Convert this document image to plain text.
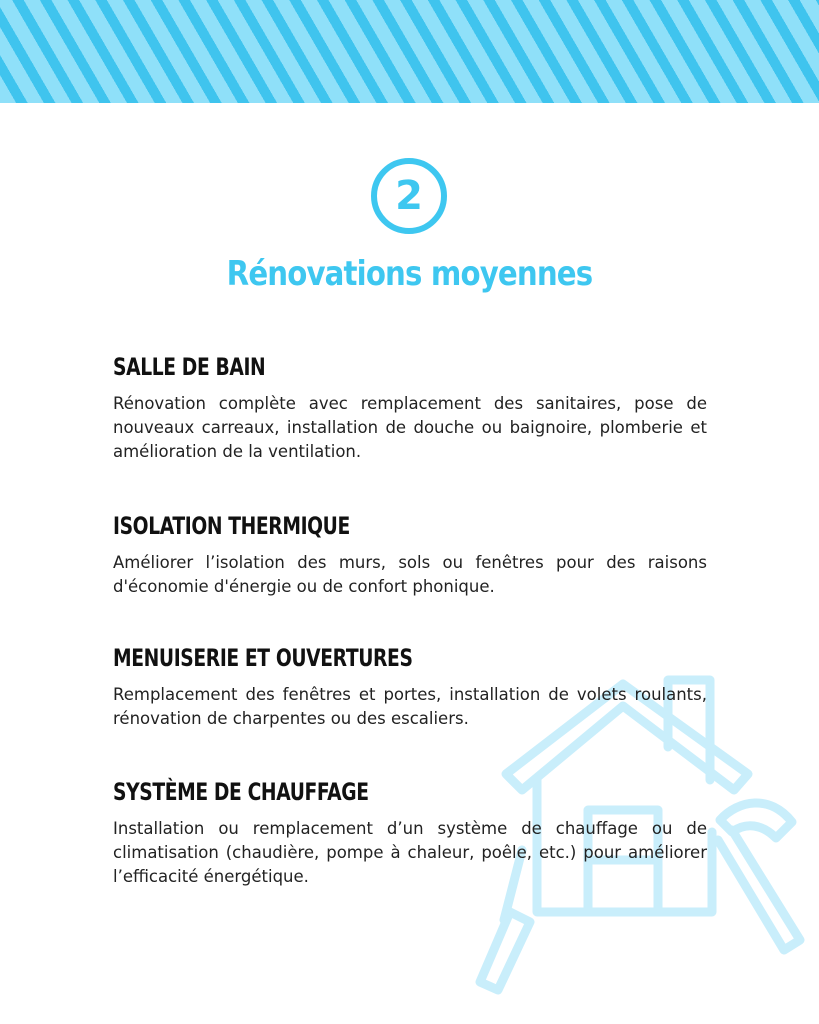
2
Rénovations moyennes
SALLE DE BAIN

Rénovation complète avec remplacement des sanitaires, pose de nouveaux carreaux, installation de douche ou baignoire, plomberie et amélioration de la ventilation.

ISOLATION THERMIQUE

Améliorer l’isolation des murs, sols ou fenêtres pour des raisons d'économie d'énergie ou de confort phonique.

MENUISERIE ET OUVERTURES

Remplacement des fenêtres et portes, installation de volets roulants, rénovation de charpentes ou des escaliers.

SYSTÈME DE CHAUFFAGE

Installation ou remplacement d’un système de chauffage ou de climatisation (chaudière, pompe à chaleur, poêle, etc.) pour améliorer l’efficacité énergétique.
